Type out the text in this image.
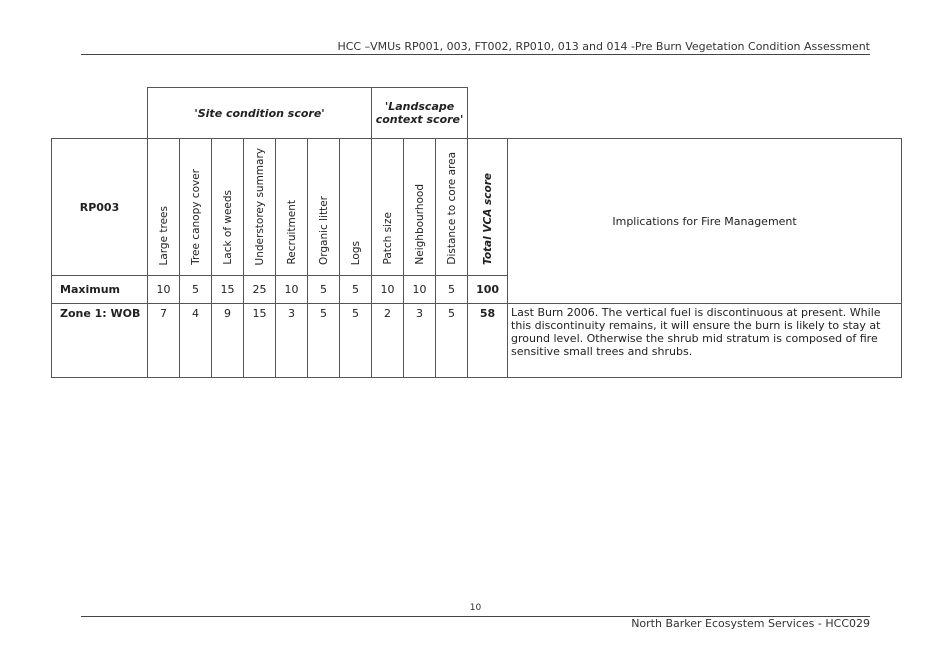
HCC –VMUs RP001, 003, FT002, RP010, 013 and 014 -Pre Burn Vegetation Condition Assessment
	'Site condition score'							'Landscape context score'				
RP003	Large trees	Tree canopy cover	Lack of weeds	Understorey summary	Recruitment	Organic litter	Logs	Patch size	Neighbourhood	Distance to core area	Total VCA score	Implications for Fire Management
Maximum	10	5	15	25	10	5	5	10	10	5	100	
Zone 1: WOB	7	4	9	15	3	5	5	2	3	5	58	Last Burn 2006. The vertical fuel is discontinuous at present. While this discontinuity remains, it will ensure the burn is likely to stay at ground level. Otherwise the shrub mid stratum is composed of fire sensitive small trees and shrubs.
10
North Barker Ecosystem Services - HCC029
